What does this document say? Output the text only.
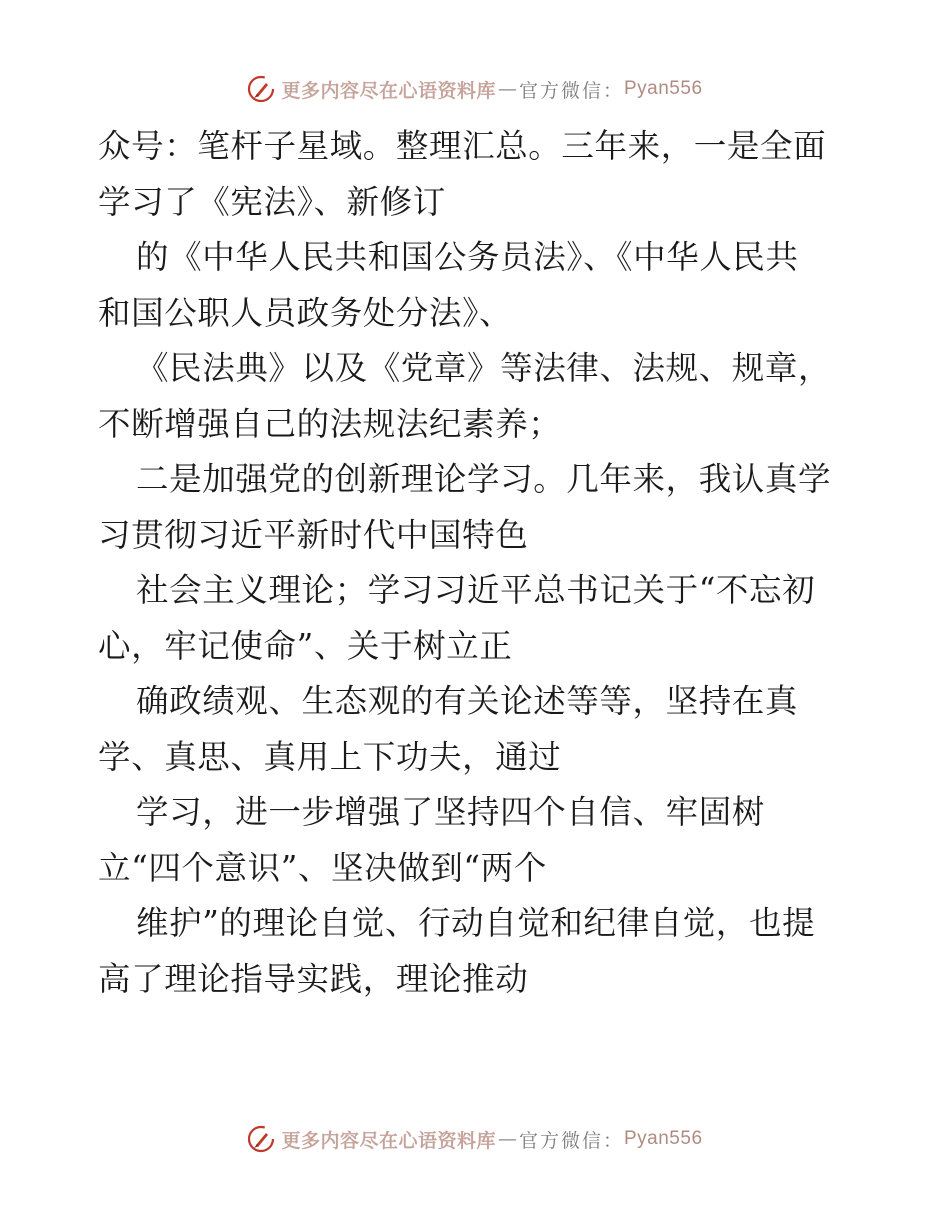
更多内容尽在心语资料库 — 官方微信： Pyan556
众号：笔杆子星域。整理汇总。三年来，一是全面
学习了《宪法》、新修订
的《中华人民共和国公务员法》、《中华人民共
和国公职人员政务处分法》、
《民法典》以及《党章》等法律、法规、规章，
不断增强自己的法规法纪素养；
二是加强党的创新理论学习。几年来，我认真学
习贯彻习近平新时代中国特色
社会主义理论；学习习近平总书记关于“不忘初
心，牢记使命”、关于树立正
确政绩观、生态观的有关论述等等，坚持在真
学、真思、真用上下功夫，通过
学习，进一步增强了坚持四个自信、牢固树
立“四个意识”、坚决做到“两个
维护”的理论自觉、行动自觉和纪律自觉，也提
高了理论指导实践，理论推动
更多内容尽在心语资料库 — 官方微信： Pyan556
